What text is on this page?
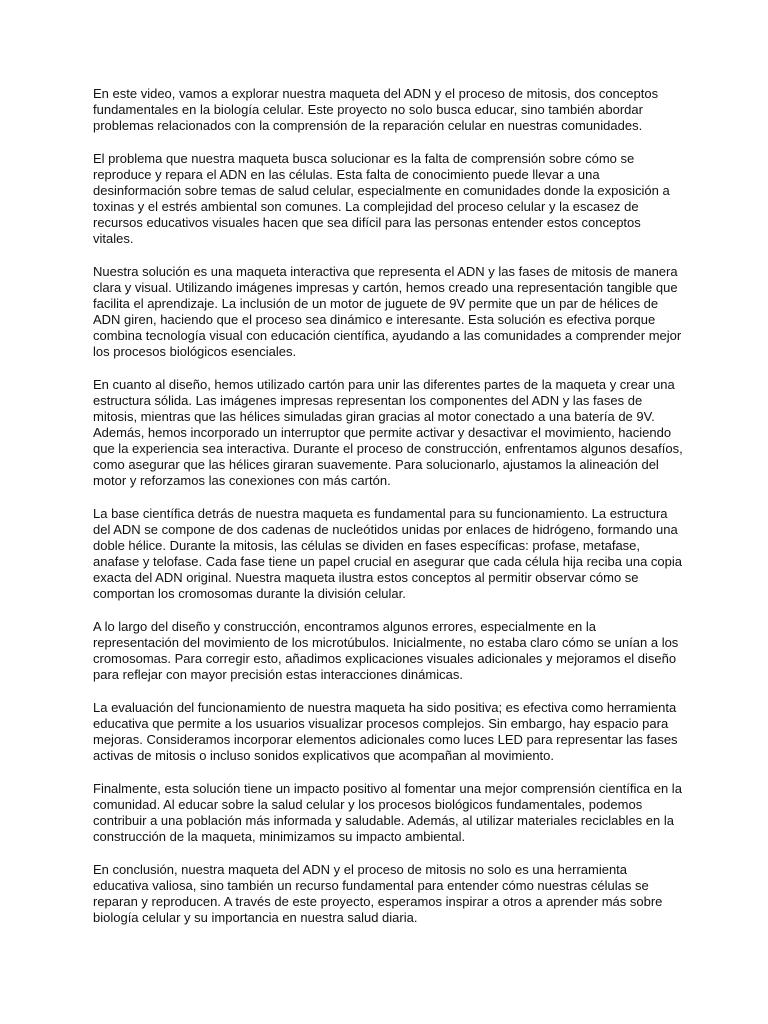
En este video, vamos a explorar nuestra maqueta del ADN y el proceso de mitosis, dos conceptos fundamentales en la biología celular. Este proyecto no solo busca educar, sino también abordar problemas relacionados con la comprensión de la reparación celular en nuestras comunidades.

El problema que nuestra maqueta busca solucionar es la falta de comprensión sobre cómo se reproduce y repara el ADN en las células. Esta falta de conocimiento puede llevar a una desinformación sobre temas de salud celular, especialmente en comunidades donde la exposición a toxinas y el estrés ambiental son comunes. La complejidad del proceso celular y la escasez de recursos educativos visuales hacen que sea difícil para las personas entender estos conceptos vitales.

Nuestra solución es una maqueta interactiva que representa el ADN y las fases de mitosis de manera clara y visual. Utilizando imágenes impresas y cartón, hemos creado una representación tangible que facilita el aprendizaje. La inclusión de un motor de juguete de 9V permite que un par de hélices de ADN giren, haciendo que el proceso sea dinámico e interesante. Esta solución es efectiva porque combina tecnología visual con educación científica, ayudando a las comunidades a comprender mejor los procesos biológicos esenciales.

En cuanto al diseño, hemos utilizado cartón para unir las diferentes partes de la maqueta y crear una estructura sólida. Las imágenes impresas representan los componentes del ADN y las fases de mitosis, mientras que las hélices simuladas giran gracias al motor conectado a una batería de 9V. Además, hemos incorporado un interruptor que permite activar y desactivar el movimiento, haciendo que la experiencia sea interactiva. Durante el proceso de construcción, enfrentamos algunos desafíos, como asegurar que las hélices giraran suavemente. Para solucionarlo, ajustamos la alineación del motor y reforzamos las conexiones con más cartón.

La base científica detrás de nuestra maqueta es fundamental para su funcionamiento. La estructura del ADN se compone de dos cadenas de nucleótidos unidas por enlaces de hidrógeno, formando una doble hélice. Durante la mitosis, las células se dividen en fases específicas: profase, metafase, anafase y telofase. Cada fase tiene un papel crucial en asegurar que cada célula hija reciba una copia exacta del ADN original. Nuestra maqueta ilustra estos conceptos al permitir observar cómo se comportan los cromosomas durante la división celular.

A lo largo del diseño y construcción, encontramos algunos errores, especialmente en la representación del movimiento de los microtúbulos. Inicialmente, no estaba claro cómo se unían a los cromosomas. Para corregir esto, añadimos explicaciones visuales adicionales y mejoramos el diseño para reflejar con mayor precisión estas interacciones dinámicas.

La evaluación del funcionamiento de nuestra maqueta ha sido positiva; es efectiva como herramienta educativa que permite a los usuarios visualizar procesos complejos. Sin embargo, hay espacio para mejoras. Consideramos incorporar elementos adicionales como luces LED para representar las fases activas de mitosis o incluso sonidos explicativos que acompañan al movimiento.

Finalmente, esta solución tiene un impacto positivo al fomentar una mejor comprensión científica en la comunidad. Al educar sobre la salud celular y los procesos biológicos fundamentales, podemos contribuir a una población más informada y saludable. Además, al utilizar materiales reciclables en la construcción de la maqueta, minimizamos su impacto ambiental.

En conclusión, nuestra maqueta del ADN y el proceso de mitosis no solo es una herramienta educativa valiosa, sino también un recurso fundamental para entender cómo nuestras células se reparan y reproducen. A través de este proyecto, esperamos inspirar a otros a aprender más sobre biología celular y su importancia en nuestra salud diaria.
